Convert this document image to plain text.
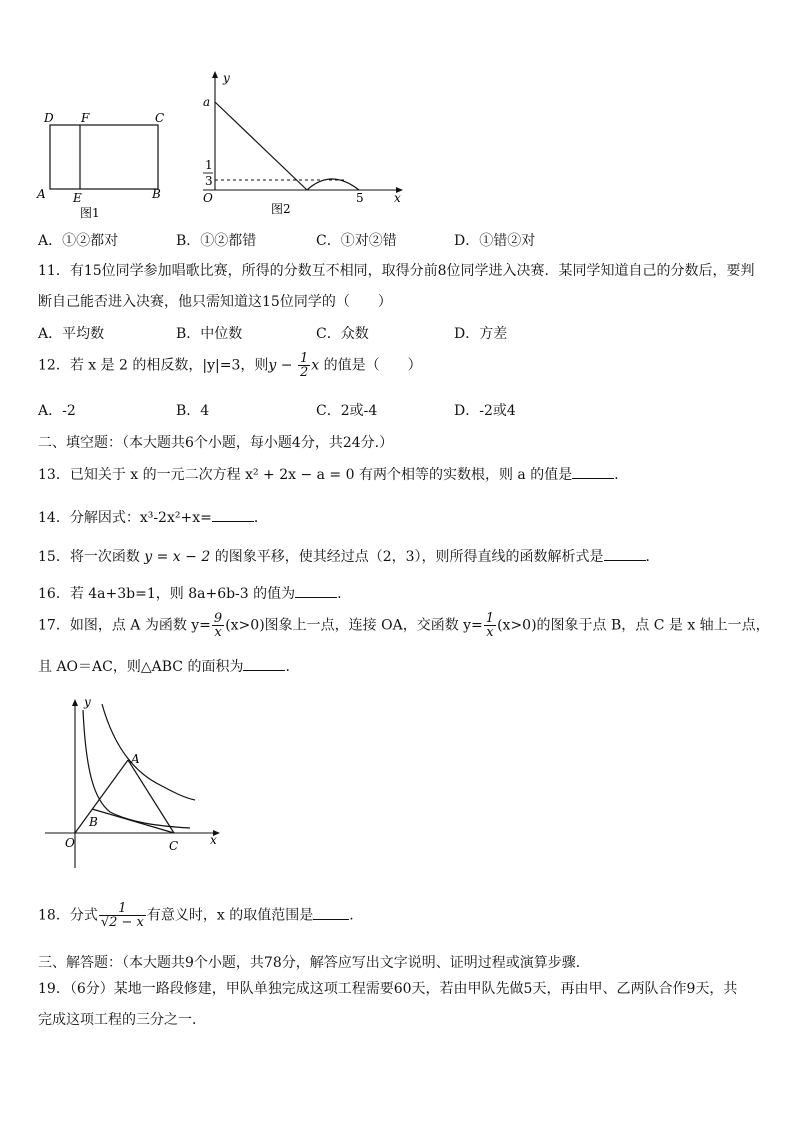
D F	C
A E	B
图1
y
a
1
3
O	5	x
图2
A．①②都对	B．①②都错	C．①对②错	D．①错②对
11．有15位同学参加唱歌比赛，所得的分数互不相同，取得分前8位同学进入决赛．某同学知道自己的分数后，要判
断自己能否进入决赛，他只需知道这15位同学的（　　）
A．平均数	B．中位数	C．众数	D．方差
12．若 x 是 2 的相反数，|y|=3，则$y - \frac{1}{2}$ x 的值是（　　）
A．-2	B．4	C．2或-4	D．-2或4
二、填空题：（本大题共6个小题，每小题4分，共24分.）
13．已知关于 x 的一元二次方程 x² + 2x − a = 0 有两个相等的实数根，则 a 的值是	．
14．分解因式：x³-2x²+x=	．
15．将一次函数 y = x − 2 的图象平移，使其经过点（2，3），则所得直线的函数解析式是	．
16．若 4a+3b=1，则 8a+6b-3 的值为	.
17．如图，点 A 为函数 $y= \frac{9}{x} (x>0)$图象上一点，连接 OA，交函数 $y= \frac{1}{x} (x>0)$的图象于点 B，点 C 是 x 轴上一点，
且 AO＝AC，则△ABC 的面积为	.
y
A
B
O	C	x
18．分式 $\frac{1}{√2 - x}$ 有意义时，x 的取值范围是	.
三、解答题：（本大题共9个小题，共78分，解答应写出文字说明、证明过程或演算步骤．
19．（6分）某地一路段修建，甲队单独完成这项工程需要60天，若由甲队先做5天，再由甲、乙两队合作9天，共
完成这项工程的三分之一．
